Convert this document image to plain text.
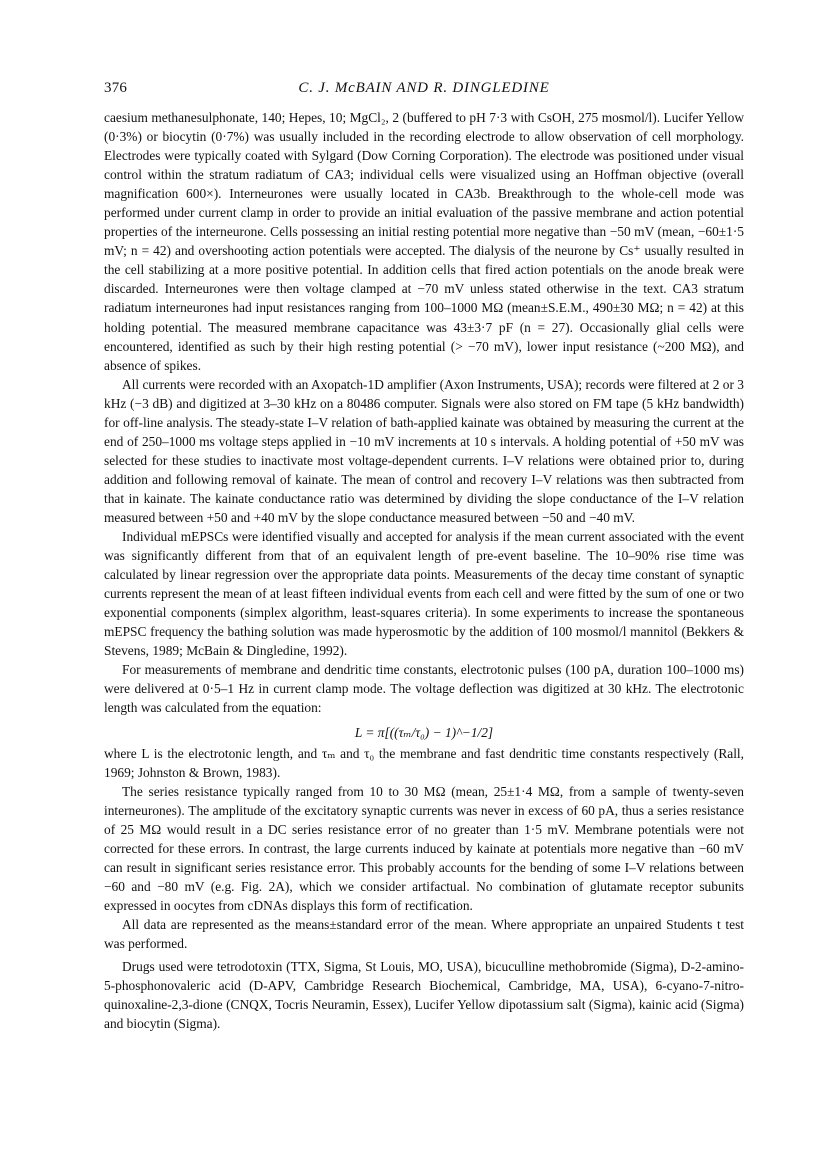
376	C. J. McBAIN AND R. DINGLEDINE

caesium methanesulphonate, 140; Hepes, 10; MgCl₂, 2 (buffered to pH 7·3 with CsOH, 275 mosmol/l). Lucifer Yellow (0·3%) or biocytin (0·7%) was usually included in the recording electrode to allow observation of cell morphology. Electrodes were typically coated with Sylgard (Dow Corning Corporation). The electrode was positioned under visual control within the stratum radiatum of CA3; individual cells were visualized using an Hoffman objective (overall magnification 600×). Interneurones were usually located in CA3b. Breakthrough to the whole-cell mode was performed under current clamp in order to provide an initial evaluation of the passive membrane and action potential properties of the interneurone. Cells possessing an initial resting potential more negative than −50 mV (mean, −60±1·5 mV; n = 42) and overshooting action potentials were accepted. The dialysis of the neurone by Cs⁺ usually resulted in the cell stabilizing at a more positive potential. In addition cells that fired action potentials on the anode break were discarded. Interneurones were then voltage clamped at −70 mV unless stated otherwise in the text. CA3 stratum radiatum interneurones had input resistances ranging from 100–1000 MΩ (mean±S.E.M., 490±30 MΩ; n = 42) at this holding potential. The measured membrane capacitance was 43±3·7 pF (n = 27). Occasionally glial cells were encountered, identified as such by their high resting potential (> −70 mV), lower input resistance (~200 MΩ), and absence of spikes.

All currents were recorded with an Axopatch-1D amplifier (Axon Instruments, USA); records were filtered at 2 or 3 kHz (−3 dB) and digitized at 3–30 kHz on a 80486 computer. Signals were also stored on FM tape (5 kHz bandwidth) for off-line analysis. The steady-state I–V relation of bath-applied kainate was obtained by measuring the current at the end of 250–1000 ms voltage steps applied in −10 mV increments at 10 s intervals. A holding potential of +50 mV was selected for these studies to inactivate most voltage-dependent currents. I–V relations were obtained prior to, during addition and following removal of kainate. The mean of control and recovery I–V relations was then subtracted from that in kainate. The kainate conductance ratio was determined by dividing the slope conductance of the I–V relation measured between +50 and +40 mV by the slope conductance measured between −50 and −40 mV.

Individual mEPSCs were identified visually and accepted for analysis if the mean current associated with the event was significantly different from that of an equivalent length of pre-event baseline. The 10–90% rise time was calculated by linear regression over the appropriate data points. Measurements of the decay time constant of synaptic currents represent the mean of at least fifteen individual events from each cell and were fitted by the sum of one or two exponential components (simplex algorithm, least-squares criteria). In some experiments to increase the spontaneous mEPSC frequency the bathing solution was made hyperosmotic by the addition of 100 mosmol/l mannitol (Bekkers & Stevens, 1989; McBain & Dingledine, 1992).

For measurements of membrane and dendritic time constants, electrotonic pulses (100 pA, duration 100–1000 ms) were delivered at 0·5–1 Hz in current clamp mode. The voltage deflection was digitized at 30 kHz. The electrotonic length was calculated from the equation:

L = π[((τₘ/τ₀) − 1)^−1/2]

where L is the electrotonic length, and τₘ and τ₀ the membrane and fast dendritic time constants respectively (Rall, 1969; Johnston & Brown, 1983).

The series resistance typically ranged from 10 to 30 MΩ (mean, 25±1·4 MΩ, from a sample of twenty-seven interneurones). The amplitude of the excitatory synaptic currents was never in excess of 60 pA, thus a series resistance of 25 MΩ would result in a DC series resistance error of no greater than 1·5 mV. Membrane potentials were not corrected for these errors. In contrast, the large currents induced by kainate at potentials more negative than −60 mV can result in significant series resistance error. This probably accounts for the bending of some I–V relations between −60 and −80 mV (e.g. Fig. 2A), which we consider artifactual. No combination of glutamate receptor subunits expressed in oocytes from cDNAs displays this form of rectification.

All data are represented as the means±standard error of the mean. Where appropriate an unpaired Students t test was performed.

Drugs used were tetrodotoxin (TTX, Sigma, St Louis, MO, USA), bicuculline methobromide (Sigma), D-2-amino-5-phosphonovaleric acid (D-APV, Cambridge Research Biochemical, Cambridge, MA, USA), 6-cyano-7-nitro-quinoxaline-2,3-dione (CNQX, Tocris Neuramin, Essex), Lucifer Yellow dipotassium salt (Sigma), kainic acid (Sigma) and biocytin (Sigma).
